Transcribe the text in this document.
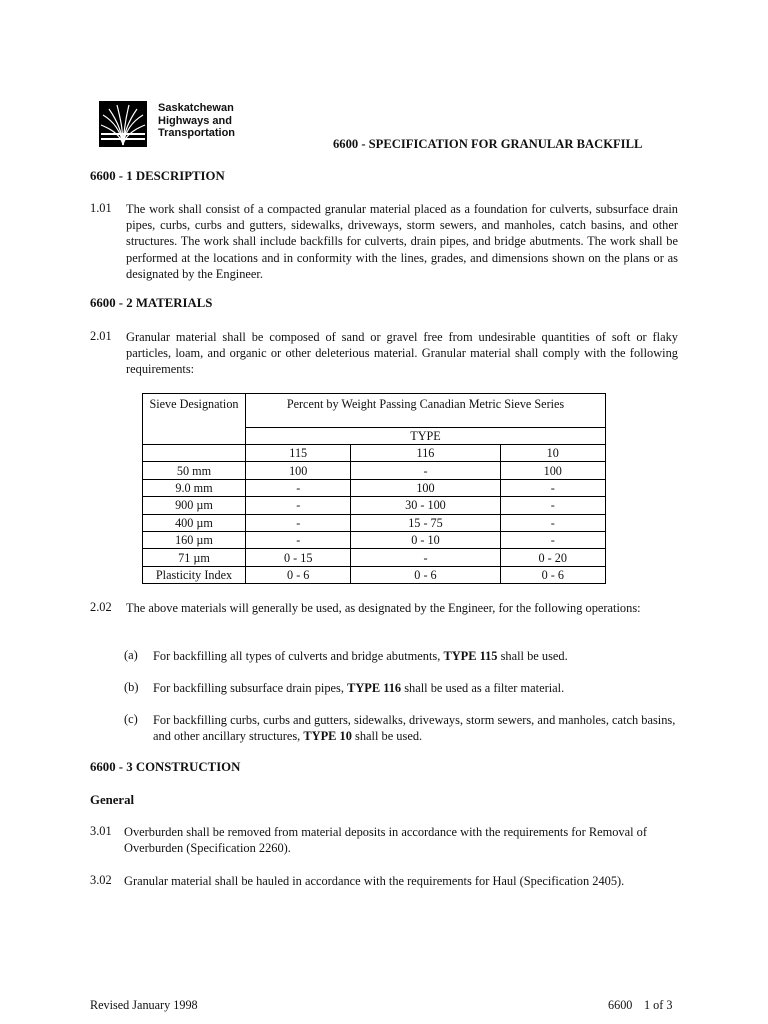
Saskatchewan
Highways and
Transportation
6600 - SPECIFICATION FOR GRANULAR BACKFILL
6600 - 1 DESCRIPTION
1.01	The work shall consist of a compacted granular material placed as a foundation for culverts, subsurface drain pipes, curbs, curbs and gutters, sidewalks, driveways, storm sewers, and manholes, catch basins, and other structures. The work shall include backfills for culverts, drain pipes, and bridge abutments. The work shall be performed at the locations and in conformity with the lines, grades, and dimensions shown on the plans or as designated by the Engineer.
6600 - 2 MATERIALS
2.01	Granular material shall be composed of sand or gravel free from undesirable quantities of soft or flaky particles, loam, and organic or other deleterious material. Granular material shall comply with the following requirements:
Sieve Designation	Percent by Weight Passing Canadian Metric Sieve Series		
	TYPE		
	115	116	10
50 mm	100	-	100
9.0 mm	-	100	-
900 µm	-	30 - 100	-
400 µm	-	15 - 75	-
160 µm	-	0 - 10	-
71 µm	0 - 15	-	0 - 20
Plasticity Index	0 - 6	0 - 6	0 - 6
2.02	The above materials will generally be used, as designated by the Engineer, for the following operations:
(a)	For backfilling all types of culverts and bridge abutments, TYPE 115 shall be used.
(b)	For backfilling subsurface drain pipes, TYPE 116 shall be used as a filter material.
(c)	For backfilling curbs, curbs and gutters, sidewalks, driveways, storm sewers, and manholes, catch basins, and other ancillary structures, TYPE 10 shall be used.
6600 - 3 CONSTRUCTION
General
3.01 Overburden shall be removed from material deposits in accordance with the requirements for Removal of Overburden (Specification 2260).
3.02 Granular material shall be hauled in accordance with the requirements for Haul (Specification 2405).
Revised January 1998	6600 1 of 3
